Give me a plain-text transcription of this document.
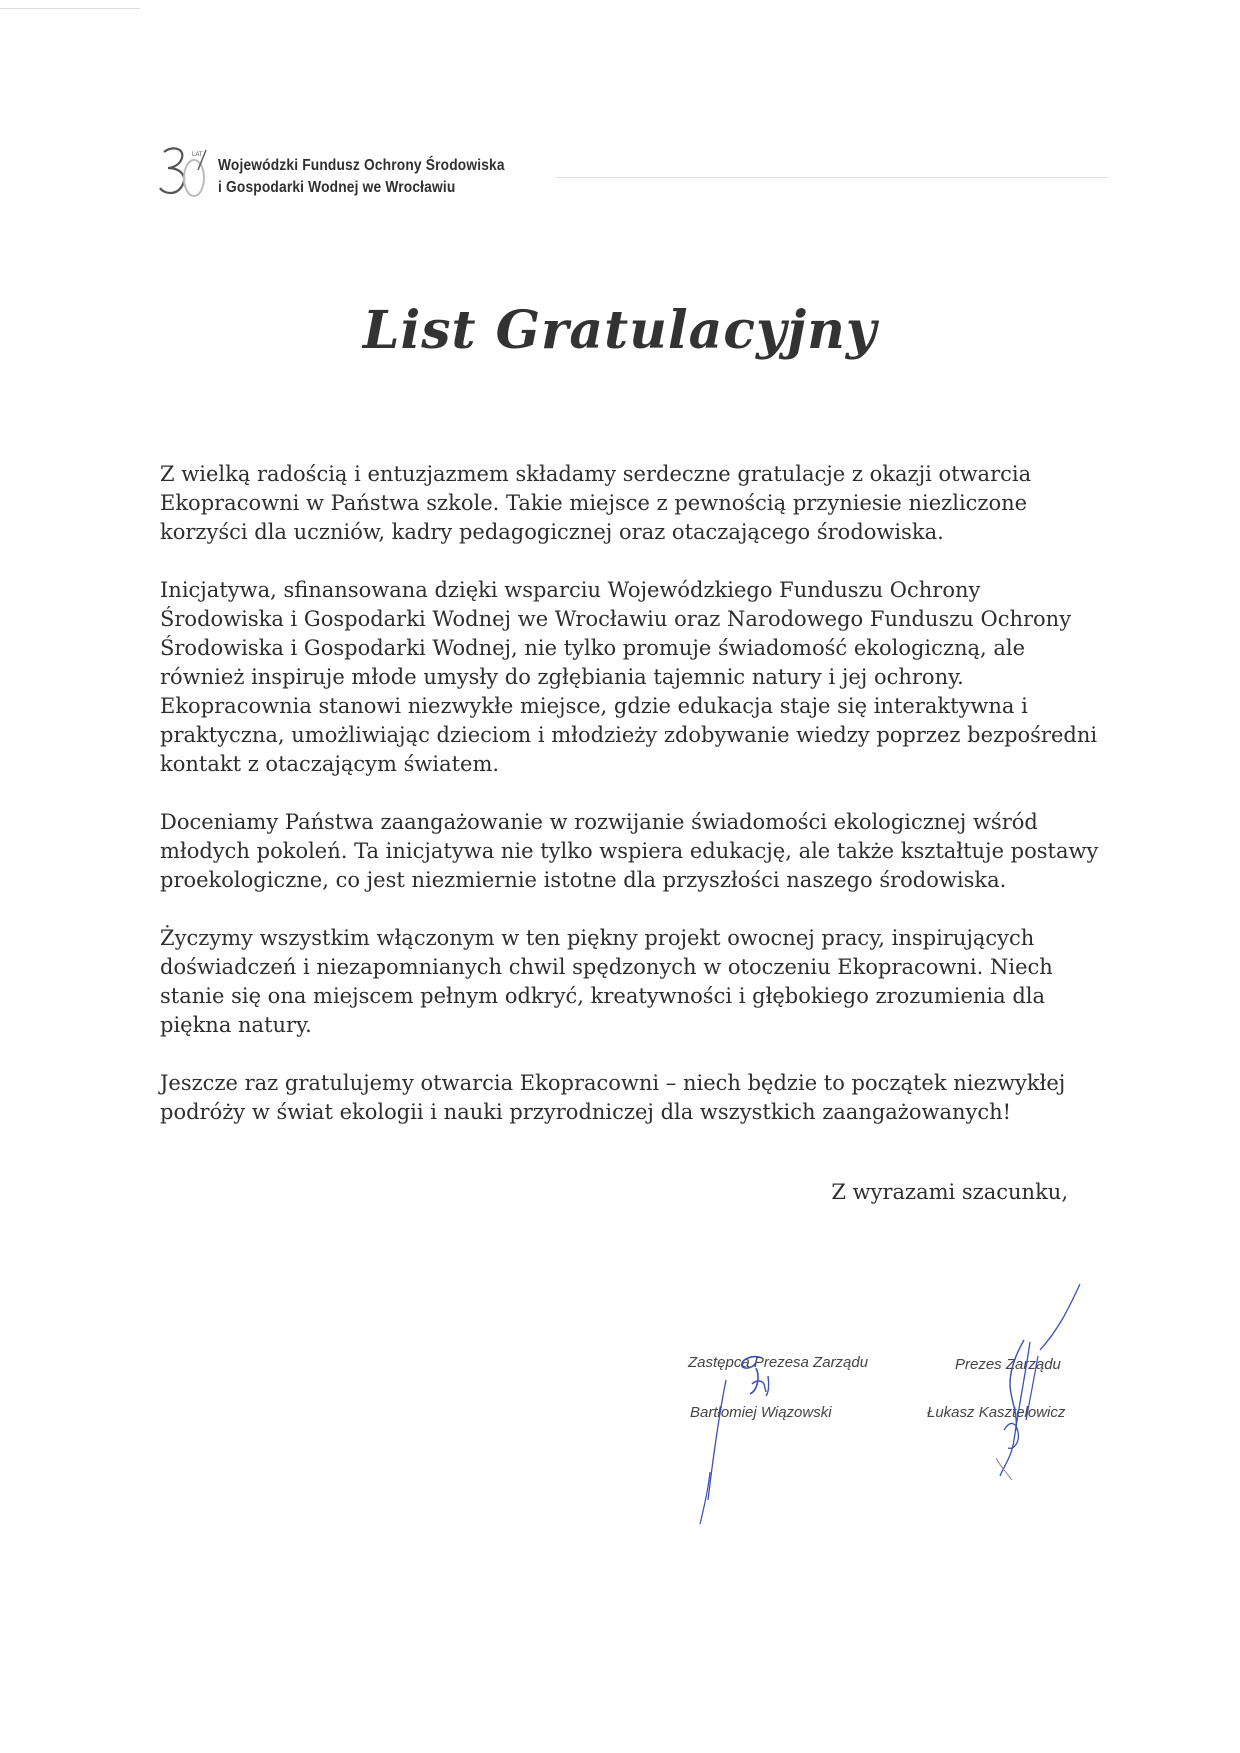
LAT
Wojewódzki Fundusz Ochrony Środowiska
i Gospodarki Wodnej we Wrocławiu
List Gratulacyjny

Z wielką radością i entuzjazmem składamy serdeczne gratulacje z okazji otwarcia Ekopracowni w Państwa szkole. Takie miejsce z pewnością przyniesie niezliczone korzyści dla uczniów, kadry pedagogicznej oraz otaczającego środowiska.

Inicjatywa, sfinansowana dzięki wsparciu Wojewódzkiego Funduszu Ochrony Środowiska i Gospodarki Wodnej we Wrocławiu oraz Narodowego Funduszu Ochrony Środowiska i Gospodarki Wodnej, nie tylko promuje świadomość ekologiczną, ale również inspiruje młode umysły do zgłębiania tajemnic natury i jej ochrony. Ekopracownia stanowi niezwykłe miejsce, gdzie edukacja staje się interaktywna i praktyczna, umożliwiając dzieciom i młodzieży zdobywanie wiedzy poprzez bezpośredni kontakt z otaczającym światem.

Doceniamy Państwa zaangażowanie w rozwijanie świadomości ekologicznej wśród młodych pokoleń. Ta inicjatywa nie tylko wspiera edukację, ale także kształtuje postawy proekologiczne, co jest niezmiernie istotne dla przyszłości naszego środowiska.

Życzymy wszystkim włączonym w ten piękny projekt owocnej pracy, inspirujących doświadczeń i niezapomnianych chwil spędzonych w otoczeniu Ekopracowni. Niech stanie się ona miejscem pełnym odkryć, kreatywności i głębokiego zrozumienia dla piękna natury.

Jeszcze raz gratulujemy otwarcia Ekopracowni – niech będzie to początek niezwykłej podróży w świat ekologii i nauki przyrodniczej dla wszystkich zaangażowanych!

Z wyrazami szacunku,
Zastępca Prezesa Zarządu
Bartłomiej Wiązowski
Prezes Zarządu
Łukasz Kasztelowicz
